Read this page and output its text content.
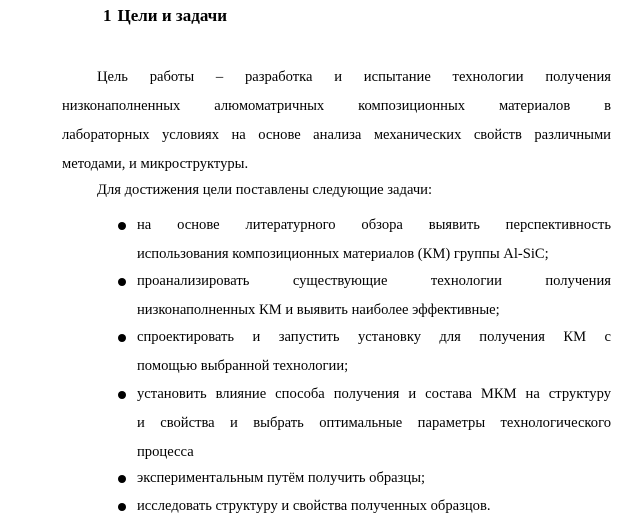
1 Цели и задачи
Цель работы – разработка и испытание технологии получения
низконаполненных алюмоматричных композиционных материалов в
лабораторных условиях на основе анализа механических свойств различными
методами, и микроструктуры.
Для достижения цели поставлены следующие задачи:
на основе литературного обзора выявить перспективность
использования композиционных материалов (КМ) группы Al-SiC;
проанализировать существующие технологии получения
низконаполненных КМ и выявить наиболее эффективные;
спроектировать и запустить установку для получения КМ с
помощью выбранной технологии;
установить влияние способа получения и состава МКМ на структуру
и свойства и выбрать оптимальные параметры технологического
процесса
экспериментальным путём получить образцы;
исследовать структуру и свойства полученных образцов.
